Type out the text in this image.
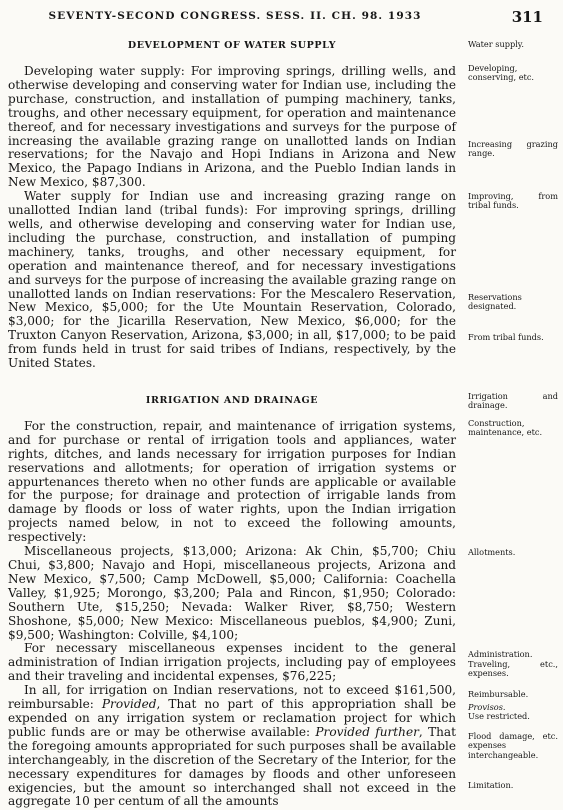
SEVENTY-SECOND CONGRESS. SESS. II. CH. 98. 1933	311
DEVELOPMENT OF WATER SUPPLY

Developing water supply: For improving springs, drilling wells, and otherwise developing and conserving water for Indian use, including the purchase, construction, and installation of pumping machinery, tanks, troughs, and other necessary equipment, for operation and maintenance thereof, and for necessary investigations and surveys for the purpose of increasing the available grazing range on unallotted lands on Indian reservations; for the Navajo and Hopi Indians in Arizona and New Mexico, the Papago Indians in Arizona, and the Pueblo Indian lands in New Mexico, $87,300.

Water supply for Indian use and increasing grazing range on unallotted Indian land (tribal funds): For improving springs, drilling wells, and otherwise developing and conserving water for Indian use, including the purchase, construction, and installation of pumping machinery, tanks, troughs, and other necessary equipment, for operation and maintenance thereof, and for necessary investigations and surveys for the purpose of increasing the available grazing range on unallotted lands on Indian reservations: For the Mescalero Reservation, New Mexico, $5,000; for the Ute Mountain Reservation, Colorado, $3,000; for the Jicarilla Reservation, New Mexico, $6,000; for the Truxton Canyon Reservation, Arizona, $3,000; in all, $17,000; to be paid from funds held in trust for said tribes of Indians, respectively, by the United States.

IRRIGATION AND DRAINAGE

For the construction, repair, and maintenance of irrigation systems, and for purchase or rental of irrigation tools and appliances, water rights, ditches, and lands necessary for irrigation purposes for Indian reservations and allotments; for operation of irrigation systems or appurtenances thereto when no other funds are applicable or available for the purpose; for drainage and protection of irrigable lands from damage by floods or loss of water rights, upon the Indian irrigation projects named below, in not to exceed the following amounts, respectively:

Miscellaneous projects, $13,000; Arizona: Ak Chin, $5,700; Chiu Chui, $3,800; Navajo and Hopi, miscellaneous projects, Arizona and New Mexico, $7,500; Camp McDowell, $5,000; California: Coachella Valley, $1,925; Morongo, $3,200; Pala and Rincon, $1,950; Colorado: Southern Ute, $15,250; Nevada: Walker River, $8,750; Western Shoshone, $5,000; New Mexico: Miscellaneous pueblos, $4,900; Zuni, $9,500; Washington: Colville, $4,100;

For necessary miscellaneous expenses incident to the general administration of Indian irrigation projects, including pay of employees and their traveling and incidental expenses, $76,225;

In all, for irrigation on Indian reservations, not to exceed $161,500, reimbursable: Provided, That no part of this appropriation shall be expended on any irrigation system or reclamation project for which public funds are or may be otherwise available: Provided further, That the foregoing amounts appropriated for such purposes shall be available interchangeably, in the discretion of the Secretary of the Interior, for the necessary expenditures for damages by floods and other unforeseen exigencies, but the amount so interchanged shall not exceed in the aggregate 10 per centum of all the amounts

Water supply.
Developing, conserving, etc.
Increasing grazing range.
Improving, from tribal funds.
Reservations designated.
From tribal funds.
Irrigation and drainage.
Construction, maintenance, etc.
Allotments.
Administration.
Traveling, etc., expenses.
Reimbursable.
Provisos.
Use restricted.
Flood damage, etc. expenses interchangeable.
Limitation.
